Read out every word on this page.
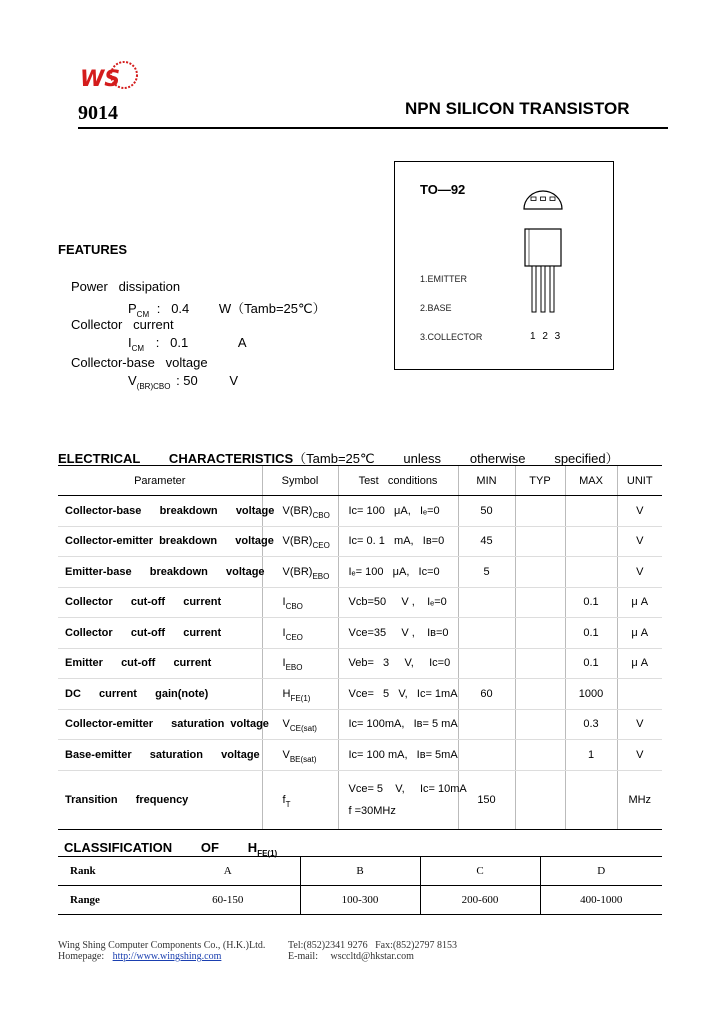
WS
9014	NPN SILICON TRANSISTOR
TO—92
1.EMITTER
2.BASE
3.COLLECTOR	1 2 3
FEATURES
Power   dissipation
$P_{CM}$ :   0.4 W（Tamb=25℃）
Collector   current
$I_{CM}$ :   0.1	A
Collector-base   voltage
$V_{(BR)CBO}$ : 50 V
ELECTRICAL   CHARACTERISTICS（Tamb=25℃   unless   otherwise   specified）
Parameter	Symbol	Test   conditions	MIN	TYP	MAX	UNIT
Collector-base   breakdown   voltage	$V(BR)_{CBO}$	Ic= 100   μA,   Iₑ=0	50			V
Collector-emitter breakdown   voltage	$V(BR)_{CEO}$	Ic= 0. 1   mA,   Iʙ=0	45			V
Emitter-base   breakdown   voltage	$V(BR)_{EBO}$	Iₑ= 100   μA,   Ic=0	5			V
Collector   cut-off   current	$I_{CBO}$	Vcb=50     V ,    Iₑ=0			0.1	μ A
Collector   cut-off   current	$I_{CEO}$	Vce=35     V ,    Iʙ=0			0.1	μ A
Emitter   cut-off   current	$I_{EBO}$	Veb=   3     V,     Ic=0			0.1	μ A
DC   current   gain(note)	$H_{FE(1)}$	Vce=   5   V,   Ic= 1mA	60		1000	
Collector-emitter   saturation voltage	$V_{CE(sat)}$	Ic= 100mA,   Iʙ= 5 mA			0.3	V
Base-emitter   saturation   voltage	$V_{BE(sat)}$	Ic= 100 mA,   Iʙ= 5mA			1	V
Transition   frequency	$f_T$	Vce= 5    V,     Ic= 10mA
f =30MHz	150			MHz
CLASSIFICATION   OF   $H_{FE(1)}$
Rank	A	B	C	D
Range	60-150	100-300	200-600	400-1000
Wing Shing Computer Components Co., (H.K.)Ltd.
Homepage: http://www.wingshing.com
Tel:(852)2341 9276   Fax:(852)2797 8153
E-mail: wsccltd@hkstar.com
